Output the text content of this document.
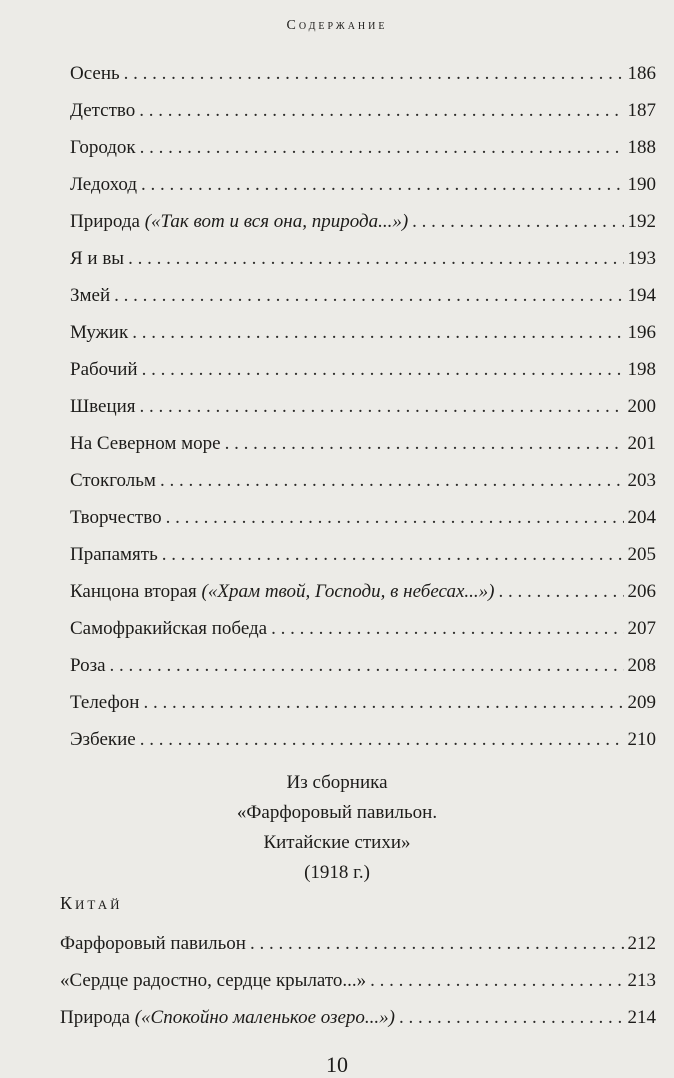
Содержание
Осень . . .	186
Детство . . .	187
Городок . . .	188
Ледоход . . .	190
Природа («Так вот и вся она, природа...») . . .	192
Я и вы . . .	193
Змей . . .	194
Мужик . . .	196
Рабочий . . .	198
Швеция . . .	200
На Северном море . . .	201
Стокгольм . . .	203
Творчество . . .	204
Прапамять . . .	205
Канцона вторая («Храм твой, Господи, в небесах...») . . .	206
Самофракийская победа . . .	207
Роза . . .	208
Телефон . . .	209
Эзбекие . . .	210
Из сборника
«Фарфоровый павильон.
Китайские стихи»
(1918 г.)
Китай
Фарфоровый павильон . . .	212
«Сердце радостно, сердце крылато...» . . .	213
Природа («Спокойно маленькое озеро...») . . .	214
10
